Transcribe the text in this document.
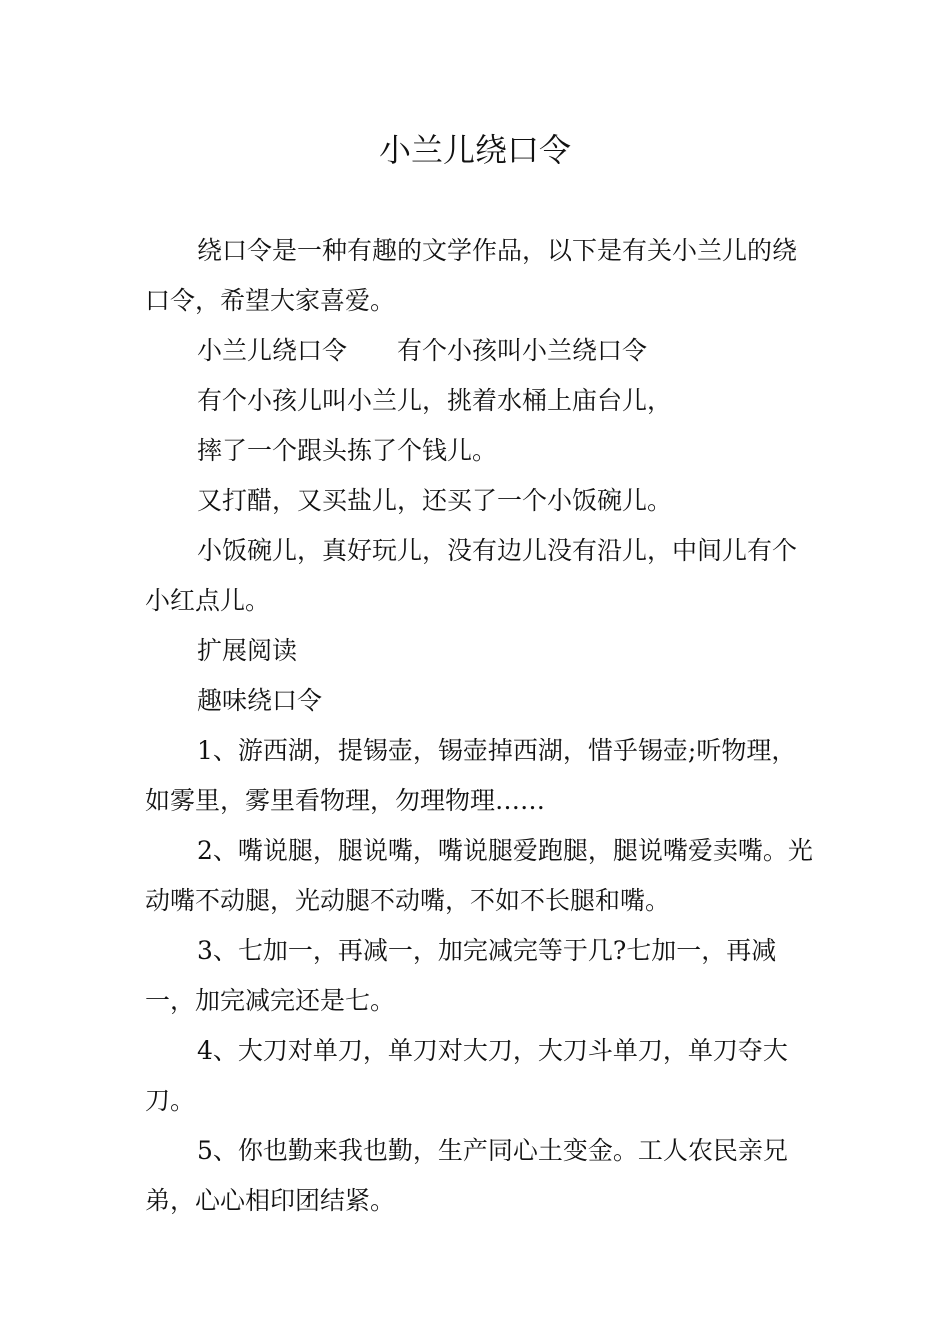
小兰儿绕口令

绕口令是一种有趣的文学作品，以下是有关小兰儿的绕口令，希望大家喜爱。

小兰儿绕口令 有个小孩叫小兰绕口令

有个小孩儿叫小兰儿，挑着水桶上庙台儿，

摔了一个跟头拣了个钱儿。

又打醋，又买盐儿，还买了一个小饭碗儿。

小饭碗儿，真好玩儿，没有边儿没有沿儿，中间儿有个小红点儿。

扩展阅读

趣味绕口令

1、游西湖，提锡壶，锡壶掉西湖，惜乎锡壶;听物理，如雾里，雾里看物理，勿理物理……

2、嘴说腿，腿说嘴，嘴说腿爱跑腿，腿说嘴爱卖嘴。光动嘴不动腿，光动腿不动嘴，不如不长腿和嘴。

3、七加一，再减一，加完减完等于几?七加一，再减一，加完减完还是七。

4、大刀对单刀，单刀对大刀，大刀斗单刀，单刀夺大刀。

5、你也勤来我也勤，生产同心土变金。工人农民亲兄弟，心心相印团结紧。
